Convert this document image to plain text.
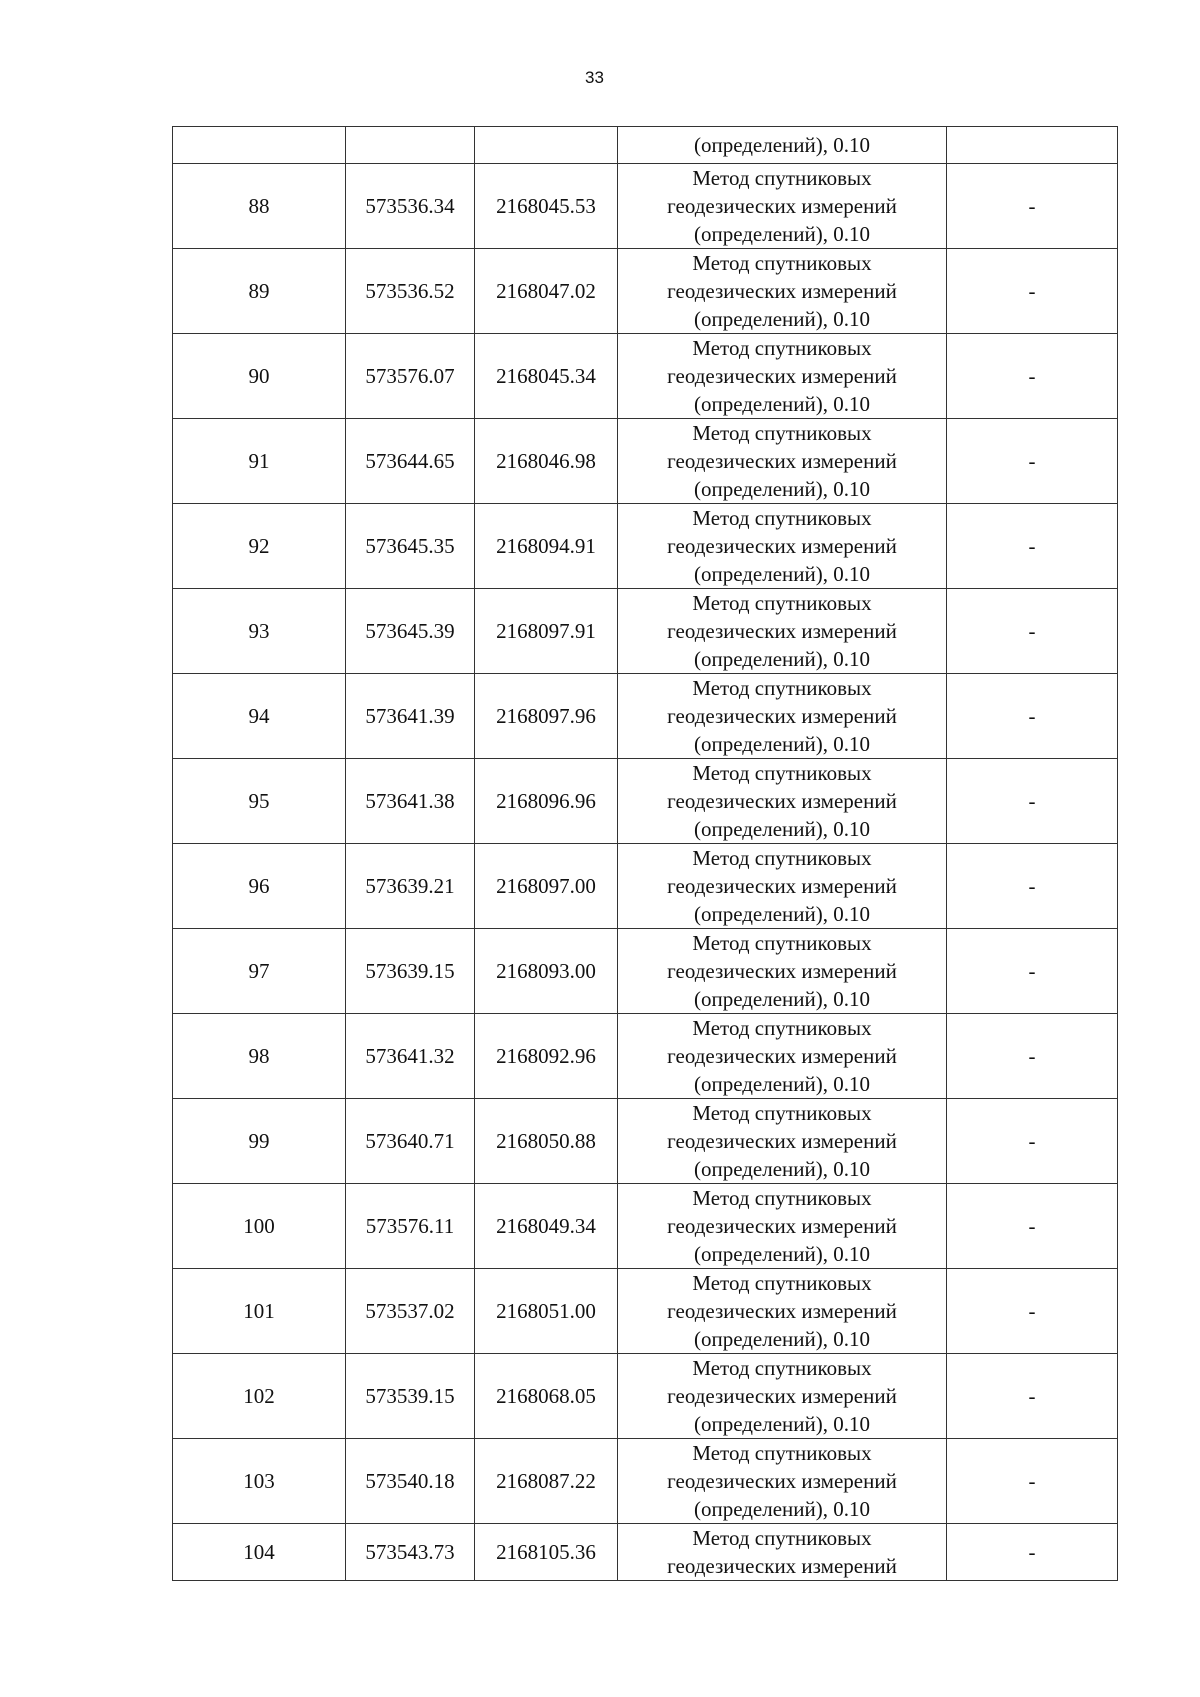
33

			(определений), 0.10	

88	573536.34	2168045.53	Метод спутниковых
геодезических измерений
(определений), 0.10	-
89	573536.52	2168047.02	Метод спутниковых
геодезических измерений
(определений), 0.10	-
90	573576.07	2168045.34	Метод спутниковых
геодезических измерений
(определений), 0.10	-
91	573644.65	2168046.98	Метод спутниковых
геодезических измерений
(определений), 0.10	-
92	573645.35	2168094.91	Метод спутниковых
геодезических измерений
(определений), 0.10	-
93	573645.39	2168097.91	Метод спутниковых
геодезических измерений
(определений), 0.10	-
94	573641.39	2168097.96	Метод спутниковых
геодезических измерений
(определений), 0.10	-
95	573641.38	2168096.96	Метод спутниковых
геодезических измерений
(определений), 0.10	-
96	573639.21	2168097.00	Метод спутниковых
геодезических измерений
(определений), 0.10	-
97	573639.15	2168093.00	Метод спутниковых
геодезических измерений
(определений), 0.10	-
98	573641.32	2168092.96	Метод спутниковых
геодезических измерений
(определений), 0.10	-
99	573640.71	2168050.88	Метод спутниковых
геодезических измерений
(определений), 0.10	-
100	573576.11	2168049.34	Метод спутниковых
геодезических измерений
(определений), 0.10	-
101	573537.02	2168051.00	Метод спутниковых
геодезических измерений
(определений), 0.10	-
102	573539.15	2168068.05	Метод спутниковых
геодезических измерений
(определений), 0.10	-
103	573540.18	2168087.22	Метод спутниковых
геодезических измерений
(определений), 0.10	-
104	573543.73	2168105.36	Метод спутниковых
геодезических измерений	-
